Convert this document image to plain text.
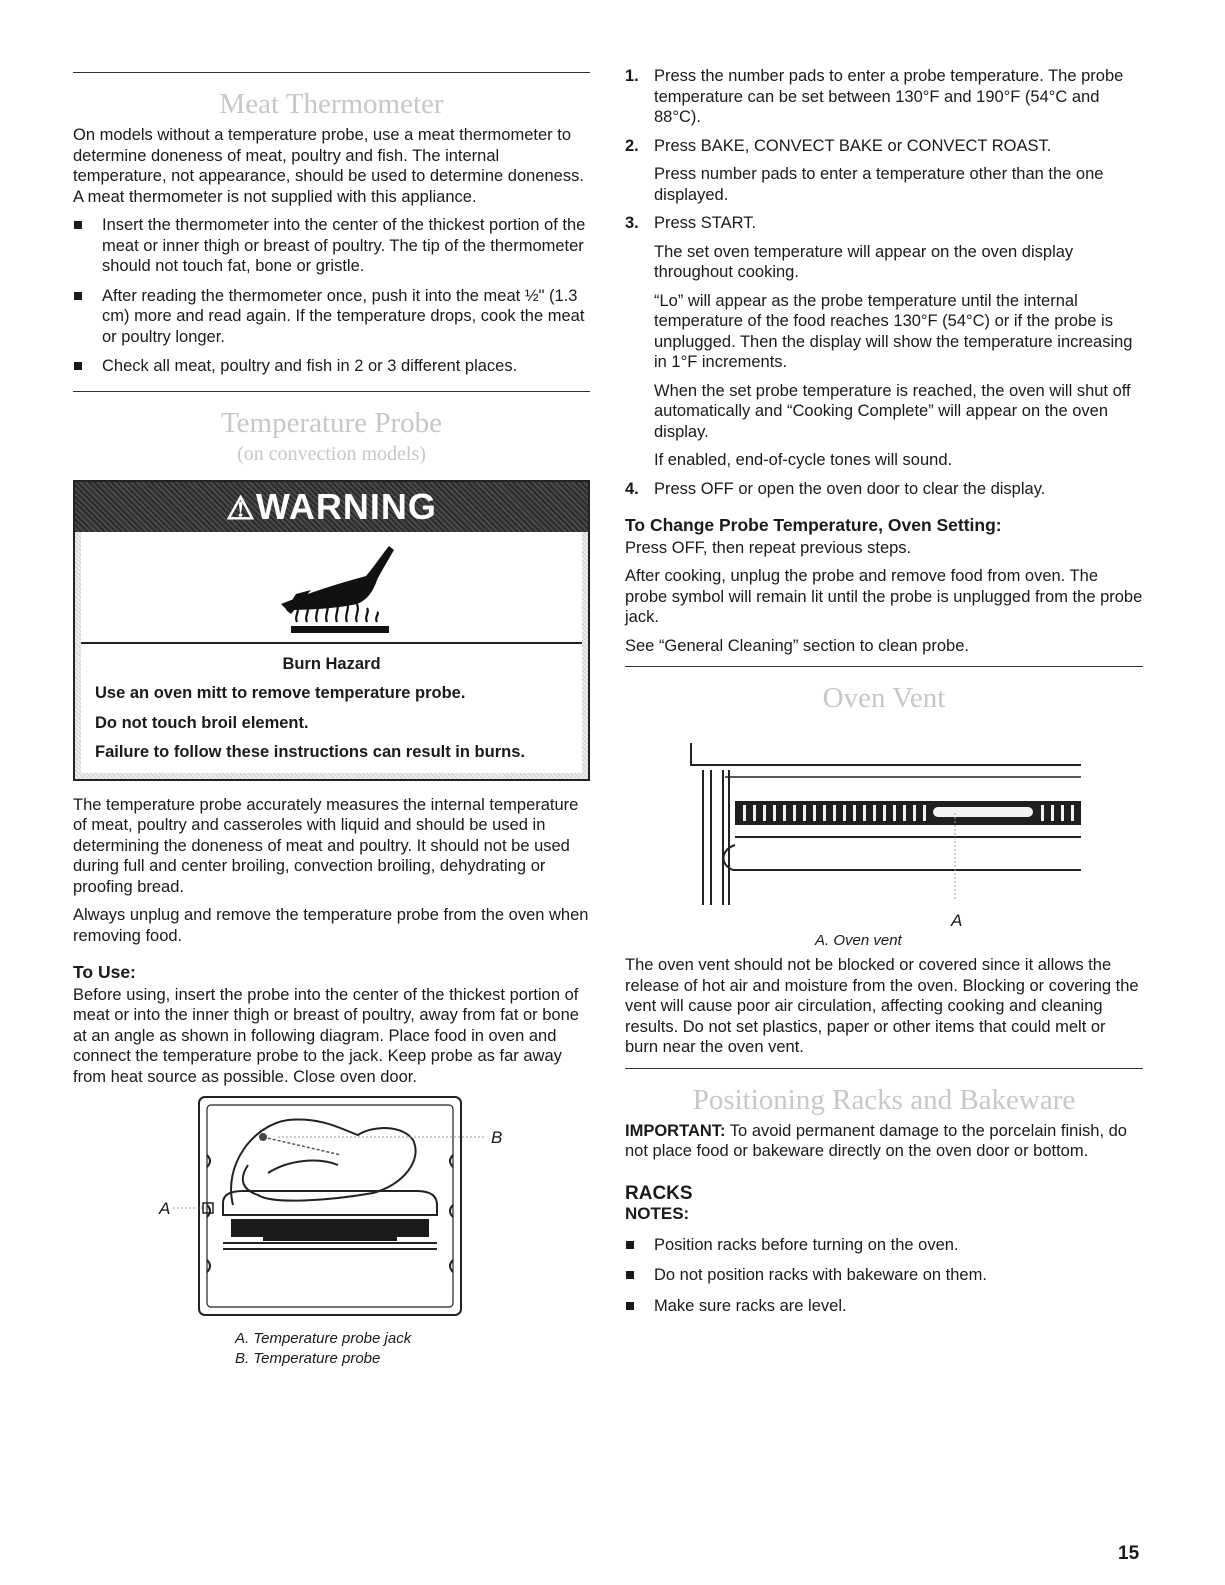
Meat Thermometer

On models without a temperature probe, use a meat thermometer to determine doneness of meat, poultry and fish. The internal temperature, not appearance, should be used to determine doneness. A meat thermometer is not supplied with this appliance.

Insert the thermometer into the center of the thickest portion of the meat or inner thigh or breast of poultry. The tip of the thermometer should not touch fat, bone or gristle.
After reading the thermometer once, push it into the meat ½" (1.3 cm) more and read again. If the temperature drops, cook the meat or poultry longer.
Check all meat, poultry and fish in 2 or 3 different places.
Temperature Probe
(on convection models)
⚠WARNING

Burn Hazard

Use an oven mitt to remove temperature probe.

Do not touch broil element.

Failure to follow these instructions can result in burns.

The temperature probe accurately measures the internal temperature of meat, poultry and casseroles with liquid and should be used in determining the doneness of meat and poultry. It should not be used during full and center broiling, convection broiling, dehydrating or proofing bread.

Always unplug and remove the temperature probe from the oven when removing food.

To Use:

Before using, insert the probe into the center of the thickest portion of meat or into the inner thigh or breast of poultry, away from fat or bone at an angle as shown in following diagram. Place food in oven and connect the temperature probe to the jack. Keep probe as far away from heat source as possible. Close oven door.

A
B
A. Temperature probe jack
B. Temperature probe
1. Press the number pads to enter a probe temperature. The probe temperature can be set between 130°F and 190°F (54°C and 88°C).

2. Press BAKE, CONVECT BAKE or CONVECT ROAST.

Press number pads to enter a temperature other than the one displayed.

3. Press START.

The set oven temperature will appear on the oven display throughout cooking.

“Lo” will appear as the probe temperature until the internal temperature of the food reaches 130°F (54°C) or if the probe is unplugged. Then the display will show the temperature increasing in 1°F increments.

When the set probe temperature is reached, the oven will shut off automatically and “Cooking Complete” will appear on the oven display.

If enabled, end-of-cycle tones will sound.

4. Press OFF or open the oven door to clear the display.

To Change Probe Temperature, Oven Setting:

Press OFF, then repeat previous steps.

After cooking, unplug the probe and remove food from oven. The probe symbol will remain lit until the probe is unplugged from the probe jack.

See “General Cleaning” section to clean probe.

Oven Vent
A
A. Oven vent

The oven vent should not be blocked or covered since it allows the release of hot air and moisture from the oven. Blocking or covering the vent will cause poor air circulation, affecting cooking and cleaning results. Do not set plastics, paper or other items that could melt or burn near the oven vent.

Positioning Racks and Bakeware

IMPORTANT: To avoid permanent damage to the porcelain finish, do not place food or bakeware directly on the oven door or bottom.

RACKS
NOTES:
Position racks before turning on the oven.
Do not position racks with bakeware on them.
Make sure racks are level.
15
